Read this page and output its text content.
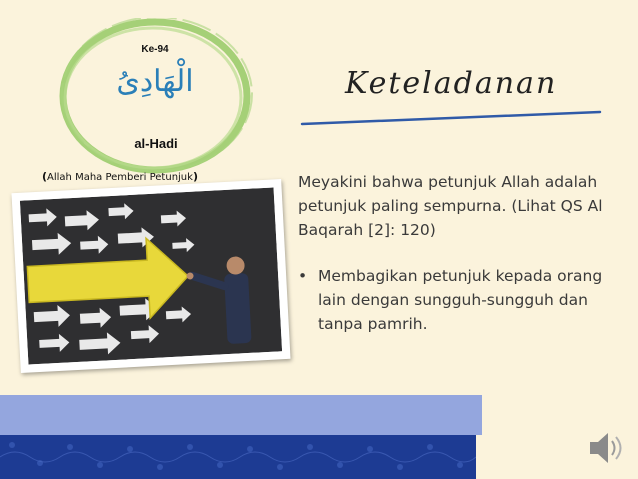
Ke-94
الْهَادِىُ
al-Hadi
(Allah Maha Pemberi Petunjuk)
Keteladanan
Meyakini bahwa petunjuk Allah adalah petunjuk paling sempurna. (Lihat QS Al Baqarah [2]: 120)
• Membagikan petunjuk kepada orang lain dengan sungguh-sungguh dan tanpa pamrih.
